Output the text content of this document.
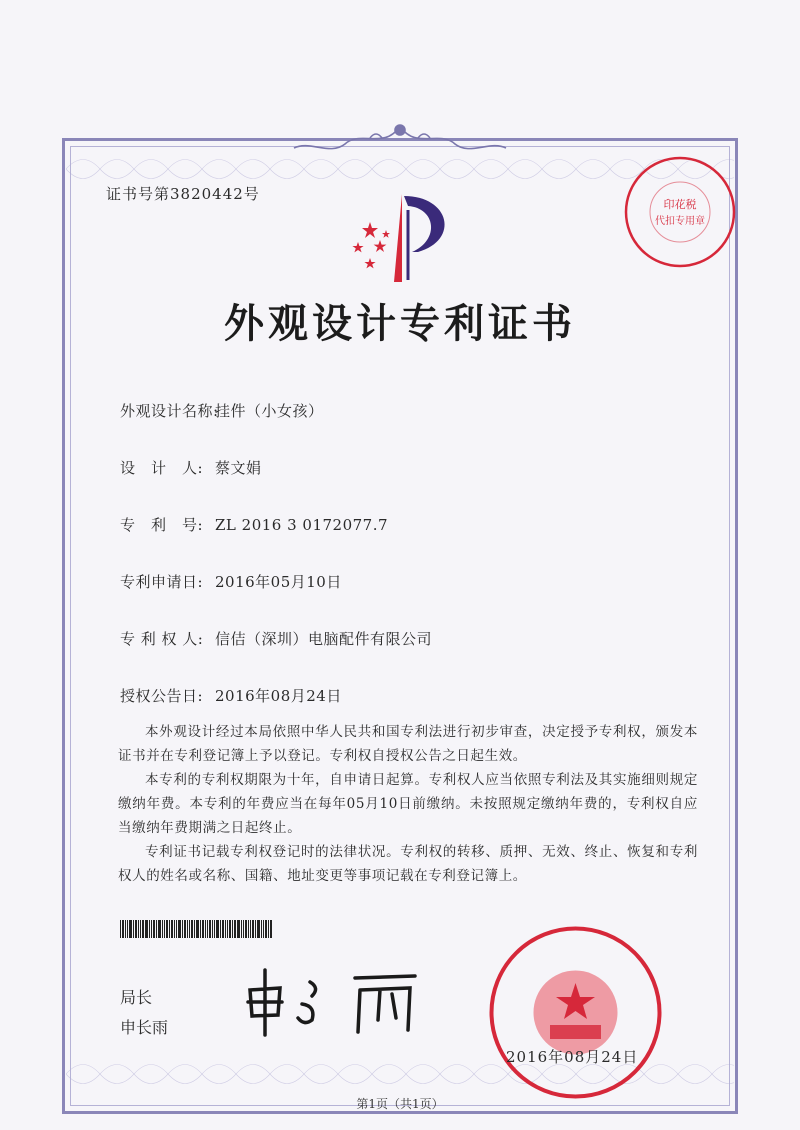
证书号第3820442号
印花税
代扣专用章
外观设计专利证书
外观设计名称:挂件（小女孩）
设　计　人: 蔡文娟
专　利　号: ZL 2016 3 0172077.7
专利申请日: 2016年05月10日
专 利 权 人: 信佶（深圳）电脑配件有限公司
授权公告日: 2016年08月24日

本外观设计经过本局依照中华人民共和国专利法进行初步审查，决定授予专利权，颁发本证书并在专利登记簿上予以登记。专利权自授权公告之日起生效。

本专利的专利权期限为十年，自申请日起算。专利权人应当依照专利法及其实施细则规定缴纳年费。本专利的年费应当在每年05月10日前缴纳。未按照规定缴纳年费的，专利权自应当缴纳年费期满之日起终止。

专利证书记载专利权登记时的法律状况。专利权的转移、质押、无效、终止、恢复和专利权人的姓名或名称、国籍、地址变更等事项记载在专利登记簿上。

局长
申长雨
2016年08月24日
第1页（共1页）
